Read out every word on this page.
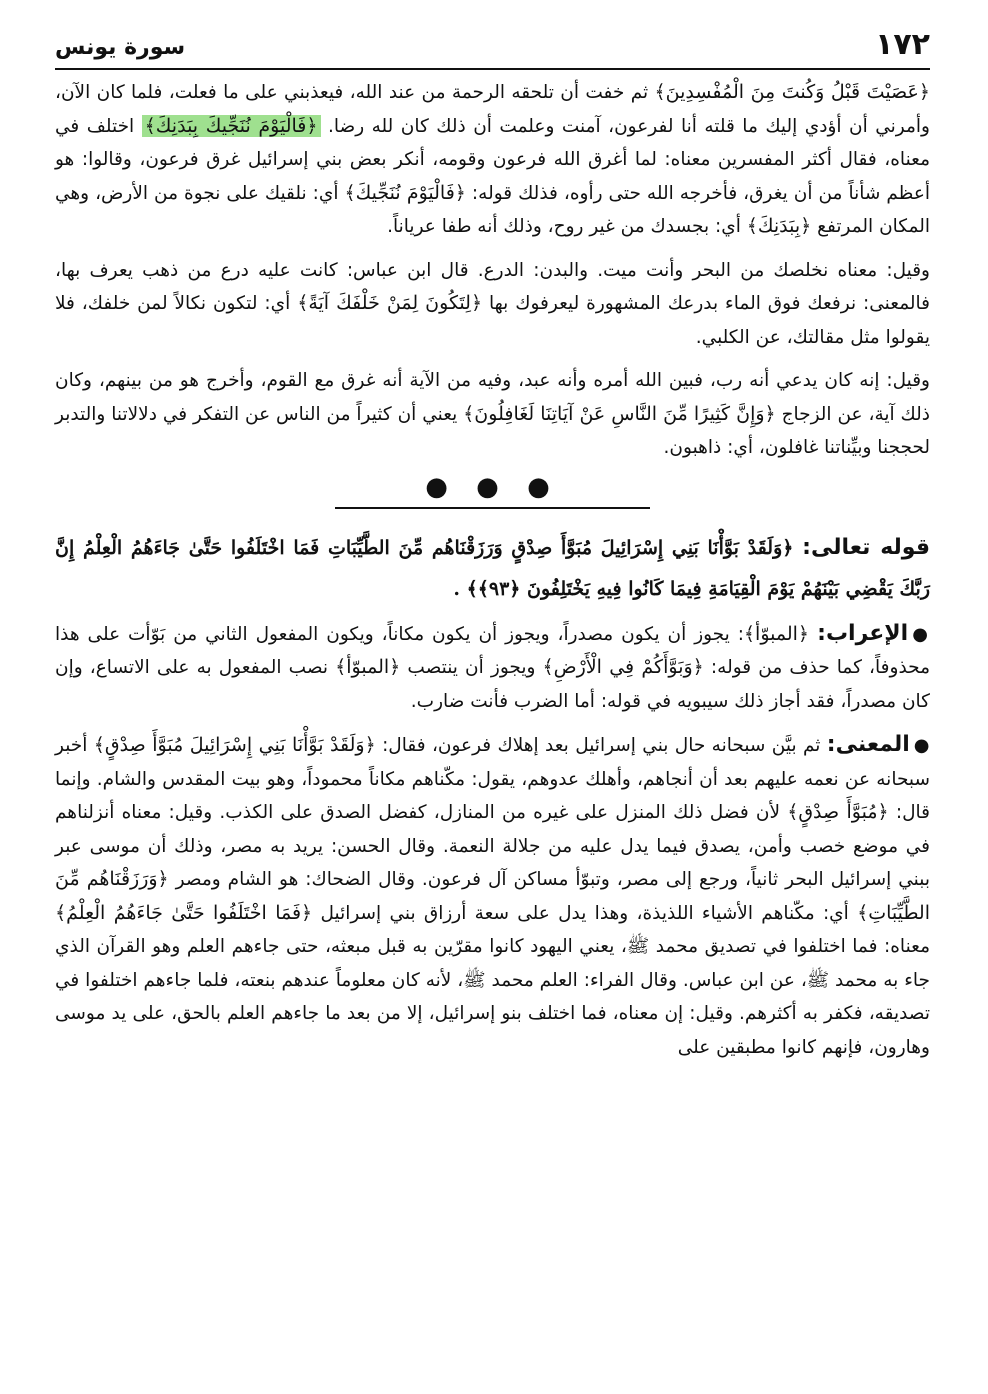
١٧٢
سورة يونس

﴿عَصَيْتَ قَبْلُ وَكُنتَ مِنَ الْمُفْسِدِينَ﴾ ثم خفت أن تلحقه الرحمة من عند الله، فيعذبني على ما فعلت، فلما كان الآن، وأمرني أن أؤدي إليك ما قلته أنا لفرعون، آمنت وعلمت أن ذلك كان لله رضا. ﴿فَالْيَوْمَ نُنَجِّيكَ بِبَدَنِكَ﴾ اختلف في معناه، فقال أكثر المفسرين معناه: لما أغرق الله فرعون وقومه، أنكر بعض بني إسرائيل غرق فرعون، وقالوا: هو أعظم شأناً من أن يغرق، فأخرجه الله حتى رأوه، فذلك قوله: ﴿فَالْيَوْمَ نُنَجِّيكَ﴾ أي: نلقيك على نجوة من الأرض، وهي المكان المرتفع ﴿بِبَدَنِكَ﴾ أي: بجسدك من غير روح، وذلك أنه طفا عرياناً.

وقيل: معناه نخلصك من البحر وأنت ميت. والبدن: الدرع. قال ابن عباس: كانت عليه درع من ذهب يعرف بها، فالمعنى: نرفعك فوق الماء بدرعك المشهورة ليعرفوك بها ﴿لِتَكُونَ لِمَنْ خَلْفَكَ آيَةً﴾ أي: لتكون نكالاً لمن خلفك، فلا يقولوا مثل مقالتك، عن الكلبي.

وقيل: إنه كان يدعي أنه رب، فبين الله أمره وأنه عبد، وفيه من الآية أنه غرق مع القوم، وأخرج هو من بينهم، وكان ذلك آية، عن الزجاج ﴿وَإِنَّ كَثِيرًا مِّنَ النَّاسِ عَنْ آيَاتِنَا لَغَافِلُونَ﴾ يعني أن كثيراً من الناس عن التفكر في دلالاتنا والتدبر لحججنا وبيِّناتنا غافلون، أي: ذاهبون.

● ● ●

قوله تعالى: ﴿وَلَقَدْ بَوَّأْنَا بَنِي إِسْرَائِيلَ مُبَوَّأَ صِدْقٍ وَرَزَقْنَاهُم مِّنَ الطَّيِّبَاتِ فَمَا اخْتَلَفُوا حَتَّىٰ جَاءَهُمُ الْعِلْمُ إِنَّ رَبَّكَ يَقْضِي بَيْنَهُمْ يَوْمَ الْقِيَامَةِ فِيمَا كَانُوا فِيهِ يَخْتَلِفُونَ ﴿٩٣﴾﴾ .

●الإعراب: ﴿المبوّأ﴾: يجوز أن يكون مصدراً، ويجوز أن يكون مكاناً، ويكون المفعول الثاني من بَوّأت على هذا محذوفاً، كما حذف من قوله: ﴿وَبَوَّأَكُمْ فِي الْأَرْضِ﴾ ويجوز أن ينتصب ﴿المبوّأ﴾ نصب المفعول به على الاتساع، وإن كان مصدراً، فقد أجاز ذلك سيبويه في قوله: أما الضرب فأنت ضارب.

●المعنى: ثم بيَّن سبحانه حال بني إسرائيل بعد إهلاك فرعون، فقال: ﴿وَلَقَدْ بَوَّأْنَا بَنِي إِسْرَائِيلَ مُبَوَّأَ صِدْقٍ﴾ أخبر سبحانه عن نعمه عليهم بعد أن أنجاهم، وأهلك عدوهم، يقول: مكّناهم مكاناً محموداً، وهو بيت المقدس والشام. وإنما قال: ﴿مُبَوَّأَ صِدْقٍ﴾ لأن فضل ذلك المنزل على غيره من المنازل، كفضل الصدق على الكذب. وقيل: معناه أنزلناهم في موضع خصب وأمن، يصدق فيما يدل عليه من جلالة النعمة. وقال الحسن: يريد به مصر، وذلك أن موسى عبر ببني إسرائيل البحر ثانياً، ورجع إلى مصر، وتبوّأ مساكن آل فرعون. وقال الضحاك: هو الشام ومصر ﴿وَرَزَقْنَاهُم مِّنَ الطَّيِّبَاتِ﴾ أي: مكّناهم الأشياء اللذيذة، وهذا يدل على سعة أرزاق بني إسرائيل ﴿فَمَا اخْتَلَفُوا حَتَّىٰ جَاءَهُمُ الْعِلْمُ﴾ معناه: فما اختلفوا في تصديق محمد ﷺ، يعني اليهود كانوا مقرّين به قبل مبعثه، حتى جاءهم العلم وهو القرآن الذي جاء به محمد ﷺ، عن ابن عباس. وقال الفراء: العلم محمد ﷺ، لأنه كان معلوماً عندهم بنعته، فلما جاءهم اختلفوا في تصديقه، فكفر به أكثرهم. وقيل: إن معناه، فما اختلف بنو إسرائيل، إلا من بعد ما جاءهم العلم بالحق، على يد موسى وهارون، فإنهم كانوا مطبقين على
